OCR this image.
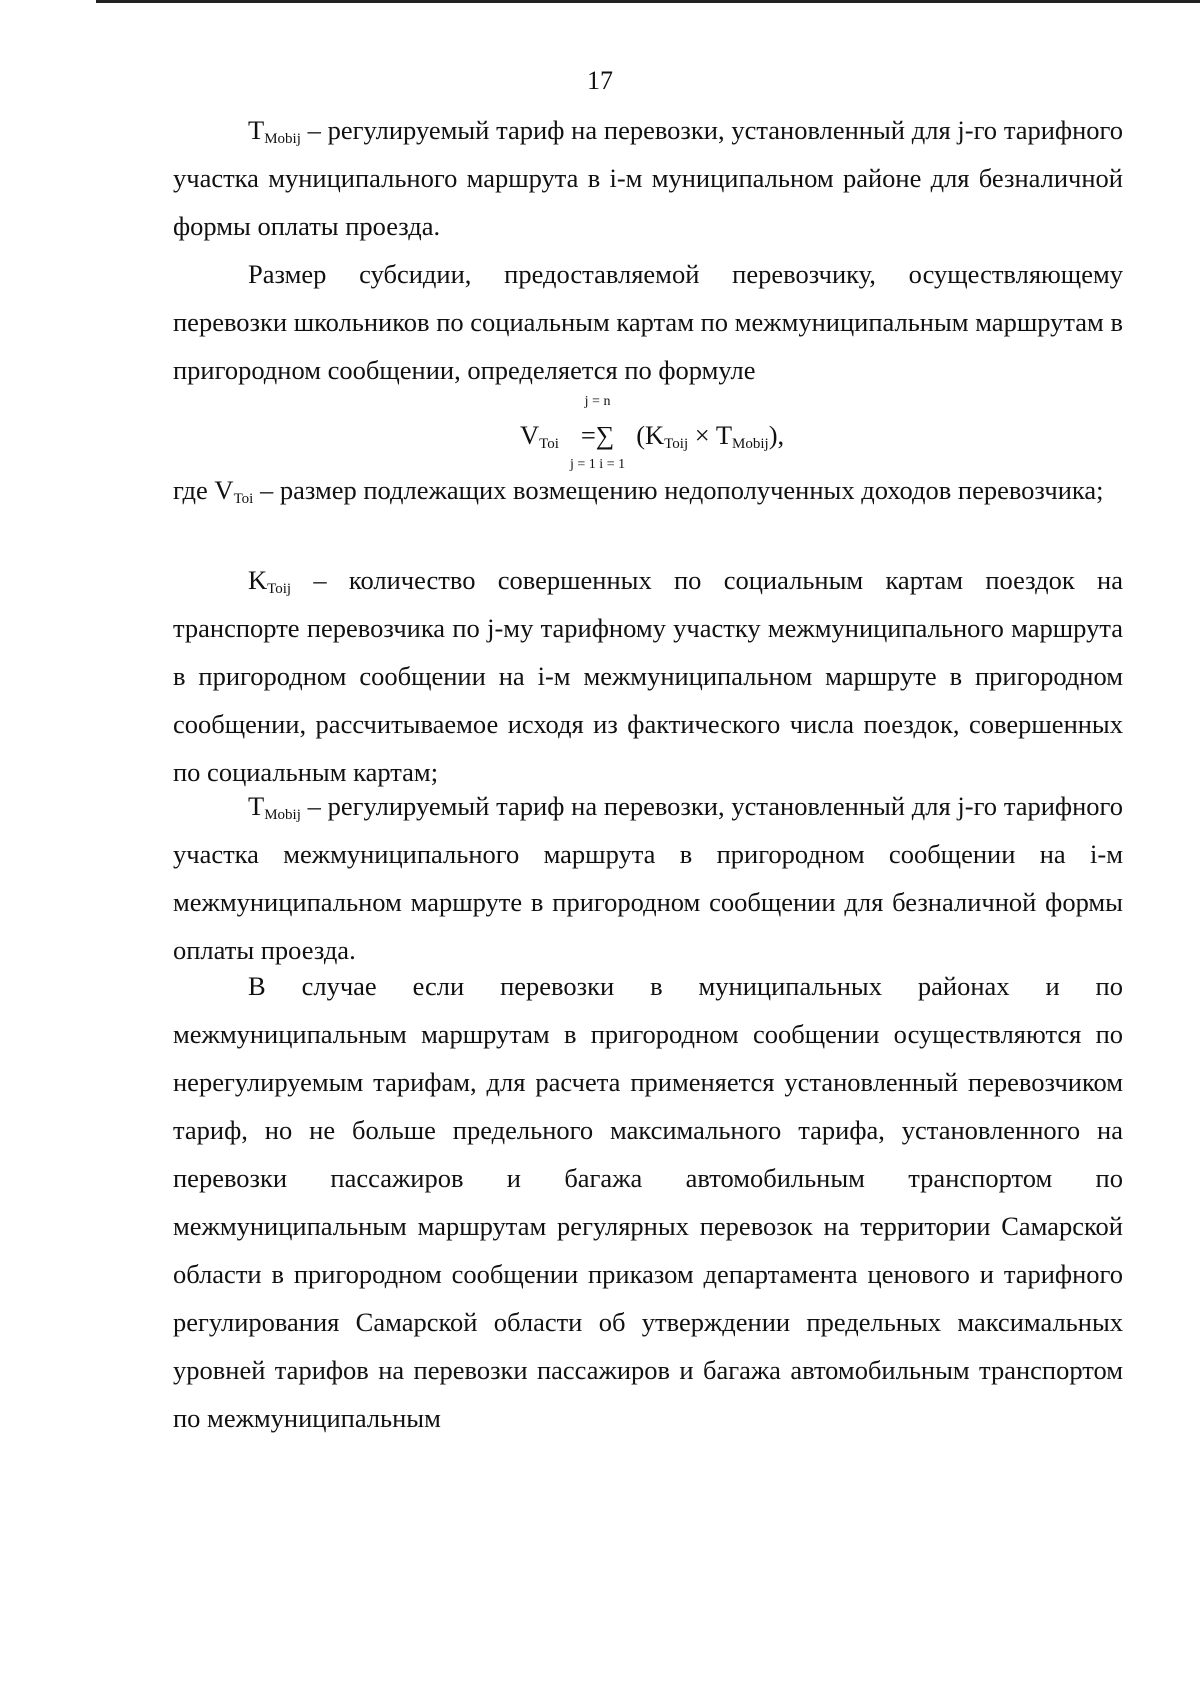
17
$T_{Mobij}$ – регулируемый тариф на перевозки, установленный для j-го тарифного участка муниципального маршрута в i-м муниципальном районе для безналичной формы оплаты проезда.
Размер субсидии, предоставляемой перевозчику, осуществляющему перевозки школьников по социальным картам по межмуниципальным маршрутам в пригородном сообщении, определяется по формуле
$V_{Toi}$
j = n
=∑
j = 1 i = 1
$(K_{Toij} \times T_{Mobij})$,
где $V_{Toi}$ – размер подлежащих возмещению недополученных доходов перевозчика;
$K_{Toij}$ – количество совершенных по социальным картам поездок на транспорте перевозчика по j-му тарифному участку межмуниципального маршрута в пригородном сообщении на i-м межмуниципальном маршруте в пригородном сообщении, рассчитываемое исходя из фактического числа поездок, совершенных по социальным картам;
$T_{Mobij}$ – регулируемый тариф на перевозки, установленный для j-го тарифного участка межмуниципального маршрута в пригородном сообщении на i-м межмуниципальном маршруте в пригородном сообщении для безналичной формы оплаты проезда.
В случае если перевозки в муниципальных районах и по межмуниципальным маршрутам в пригородном сообщении осуществляются по нерегулируемым тарифам, для расчета применяется установленный перевозчиком тариф, но не больше предельного максимального тарифа, установленного на перевозки пассажиров и багажа автомобильным транспортом по межмуниципальным маршрутам регулярных перевозок на территории Самарской области в пригородном сообщении приказом департамента ценового и тарифного регулирования Самарской области об утверждении предельных максимальных уровней тарифов на перевозки пассажиров и багажа автомобильным транспортом по межмуниципальным
